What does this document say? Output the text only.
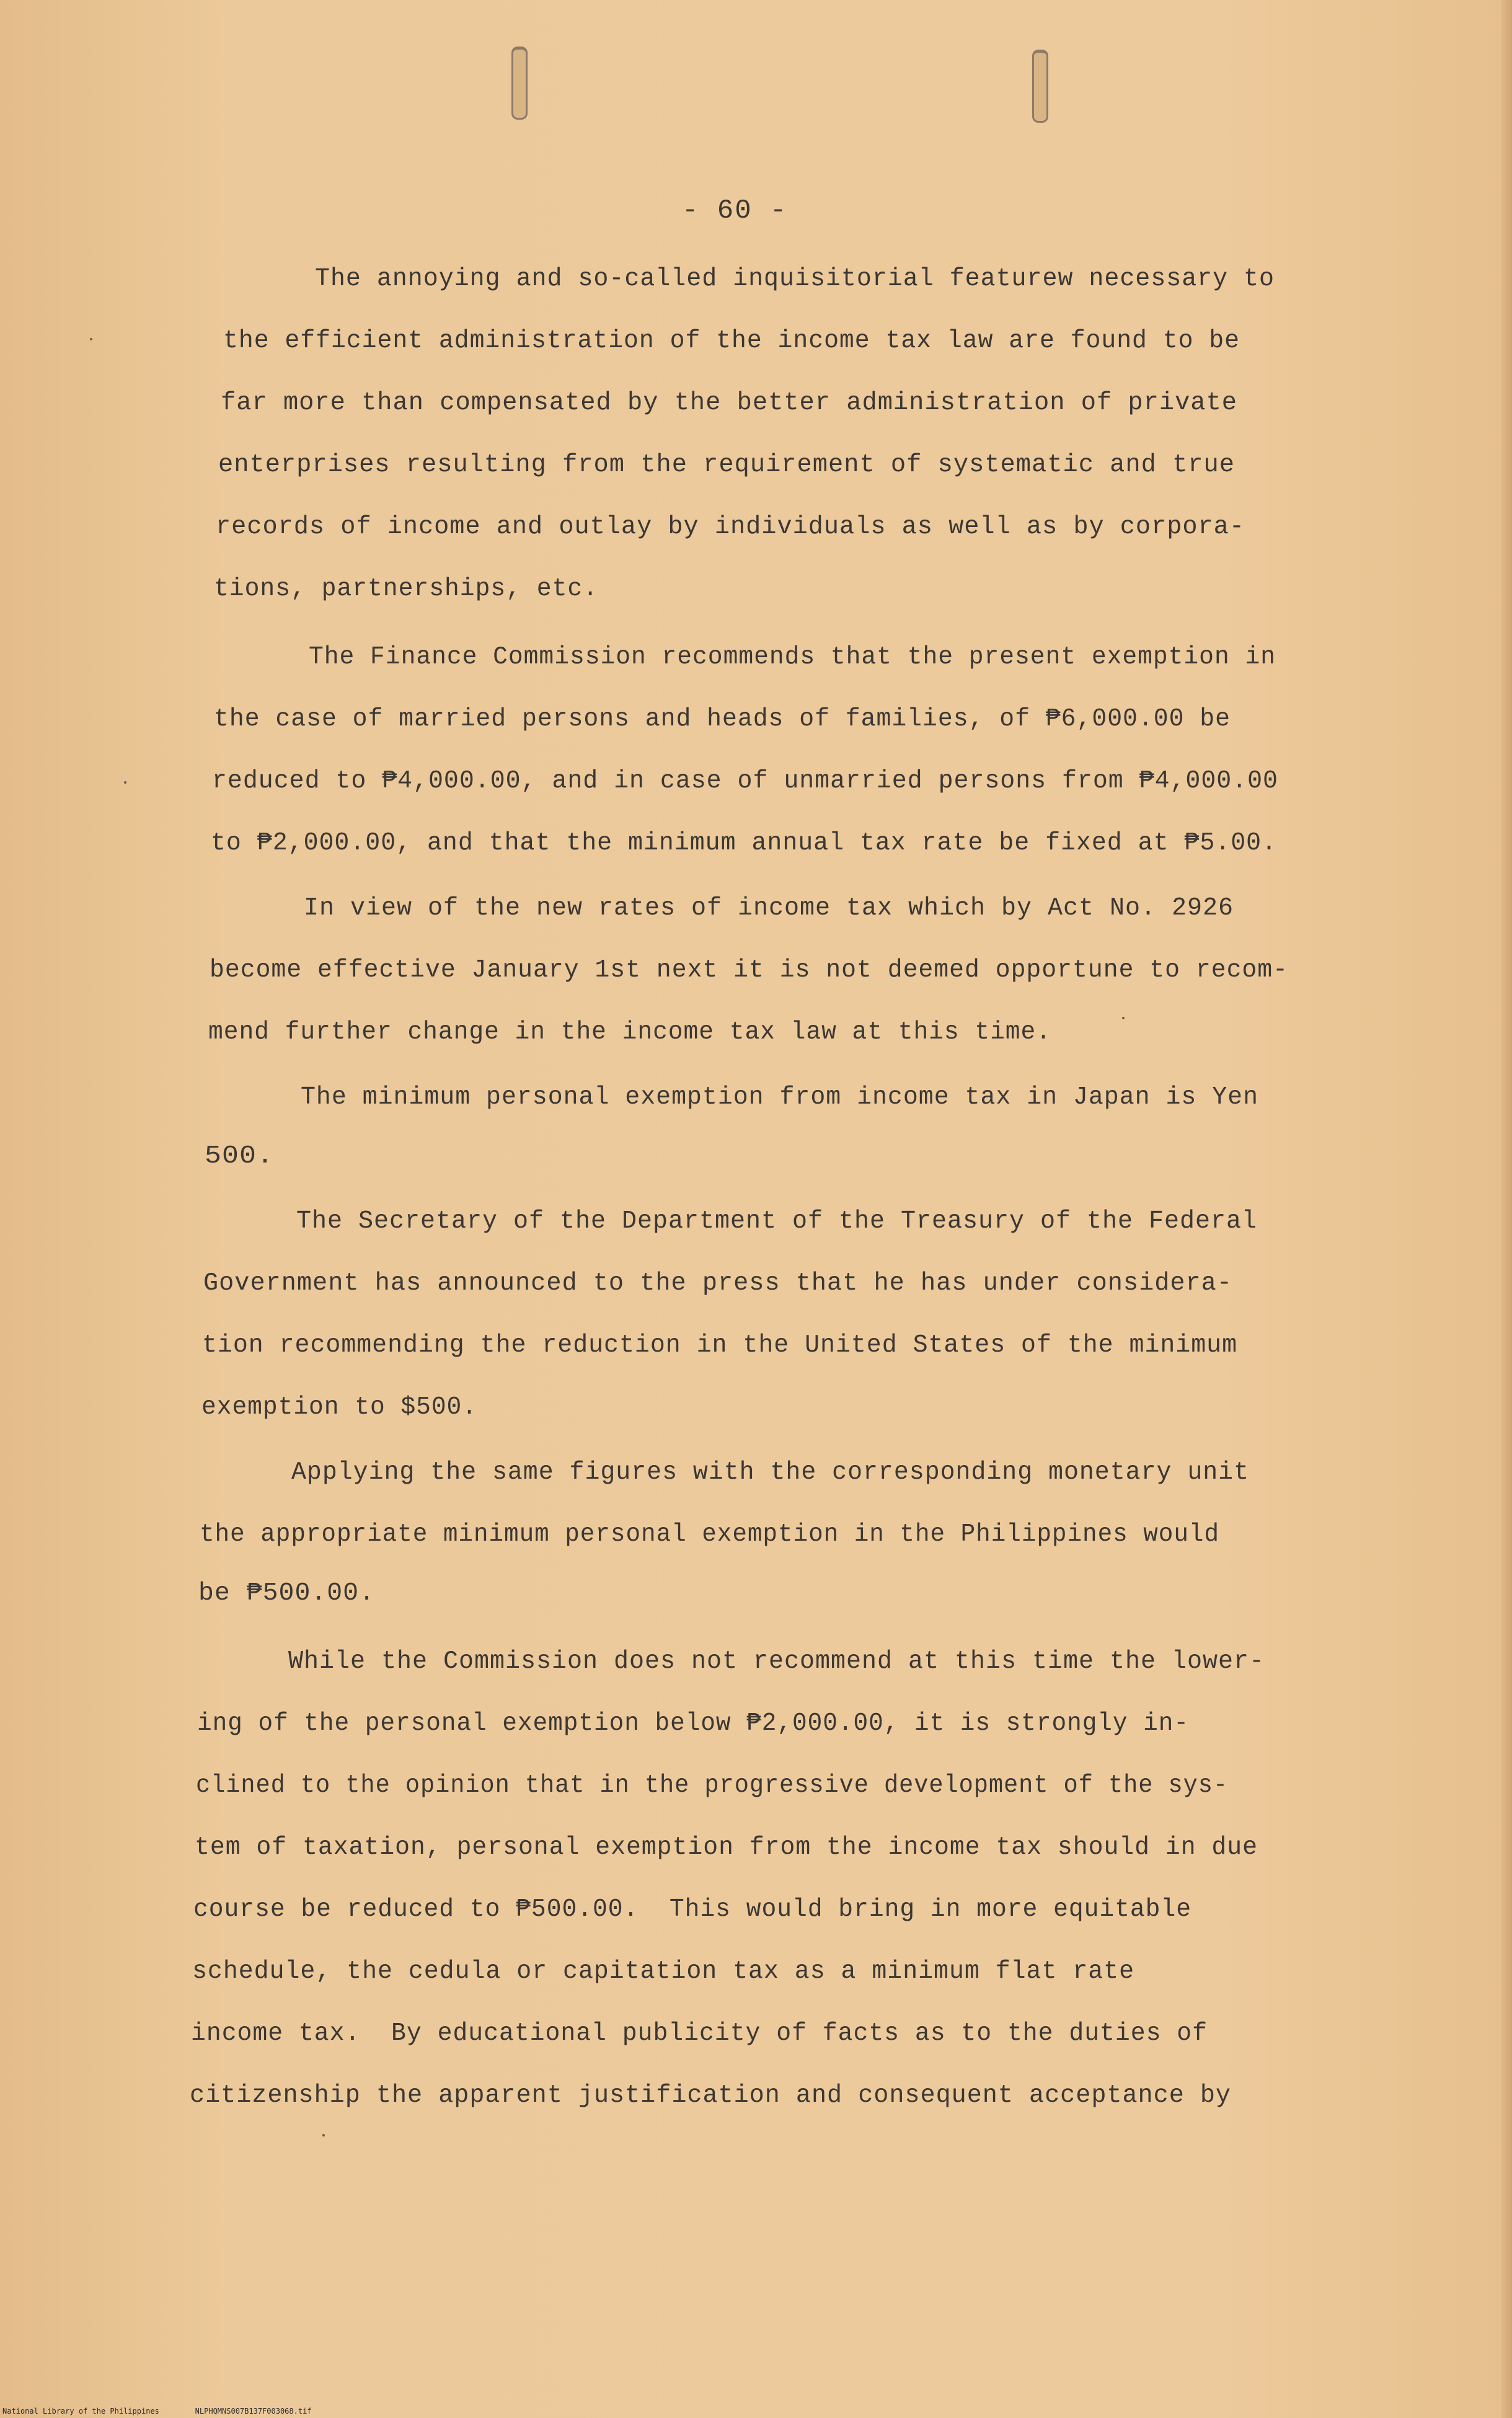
- 60 -
The annoying and so-called inquisitorial featurew necessary to
the efficient administration of the income tax law are found to be
far more than compensated by the better administration of private
enterprises resulting from the requirement of systematic and true
records of income and outlay by individuals as well as by corpora-
tions, partnerships, etc.
The Finance Commission recommends that the present exemption in
the case of married persons and heads of families, of ₱6,000.00 be
reduced to ₱4,000.00, and in case of unmarried persons from ₱4,000.00
to ₱2,000.00, and that the minimum annual tax rate be fixed at ₱5.00.
In view of the new rates of income tax which by Act No. 2926
become effective January 1st next it is not deemed opportune to recom-
mend further change in the income tax law at this time.
The minimum personal exemption from income tax in Japan is Yen
500.
The Secretary of the Department of the Treasury of the Federal
Government has announced to the press that he has under considera-
tion recommending the reduction in the United States of the minimum
exemption to $500.
Applying the same figures with the corresponding monetary unit
the appropriate minimum personal exemption in the Philippines would
be ₱500.00.
While the Commission does not recommend at this time the lower-
ing of the personal exemption below ₱2,000.00, it is strongly in-
clined to the opinion that in the progressive development of the sys-
tem of taxation, personal exemption from the income tax should in due
course be reduced to ₱500.00.  This would bring in more equitable
schedule, the cedula or capitation tax as a minimum flat rate
income tax.  By educational publicity of facts as to the duties of
citizenship the apparent justification and consequent acceptance by
National Library of the Philippines	NLPHQMNS007B137F003068.tif
